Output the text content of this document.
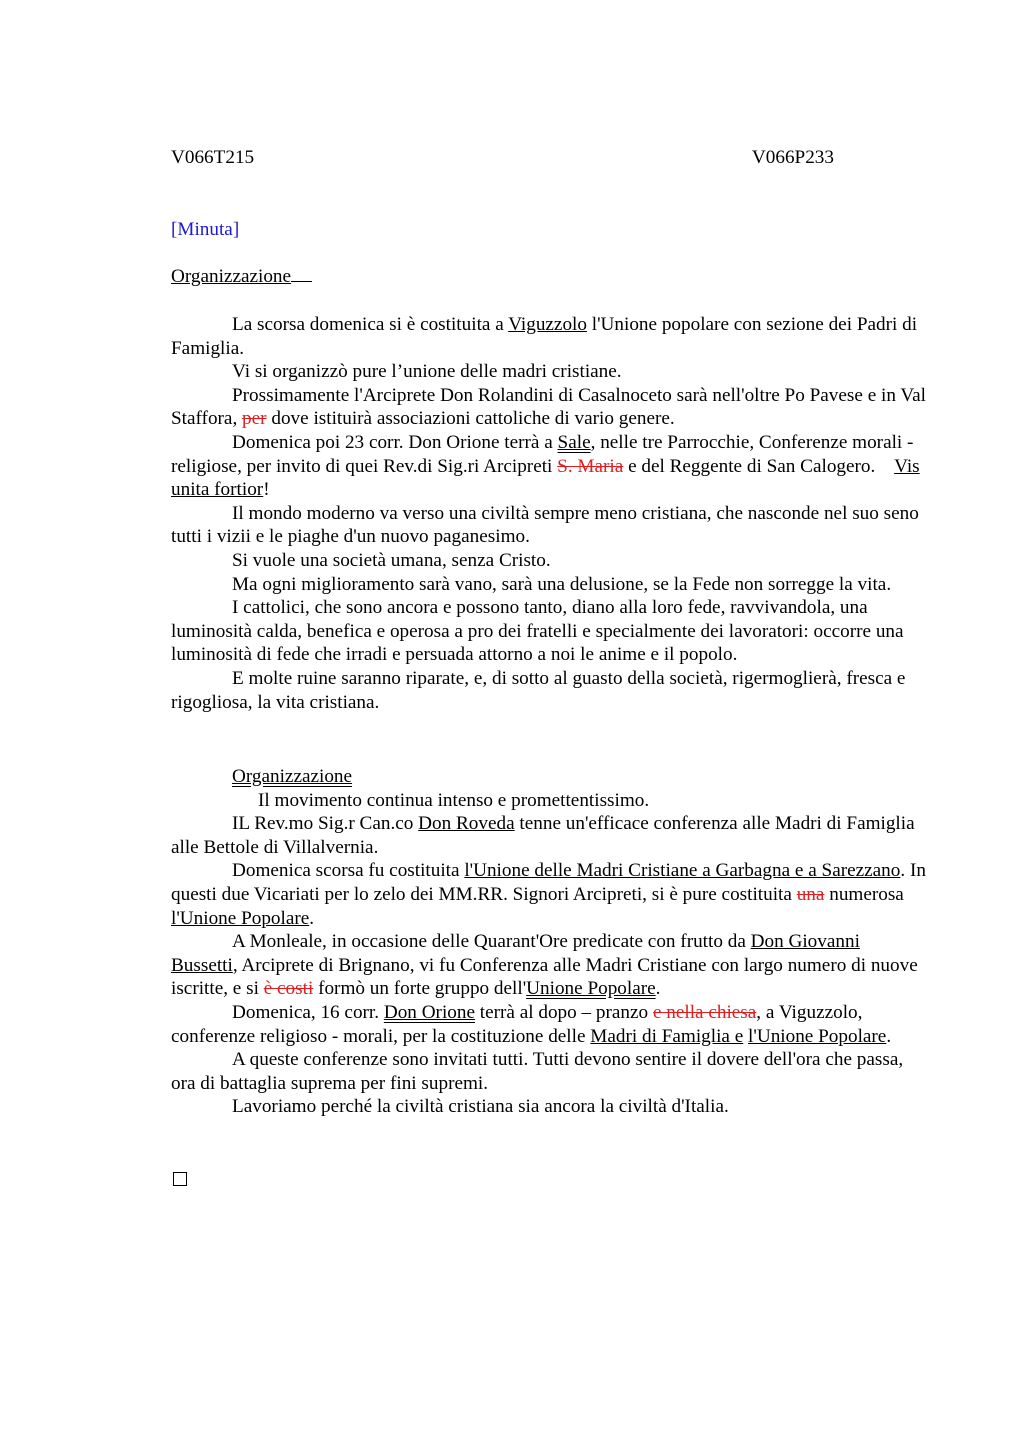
V066T215	V066P233
[Minuta]
Organizzazione

La scorsa domenica si è costituita a Viguzzolo l'Unione popolare con sezione dei Padri di Famiglia.

Vi si organizzò pure l’unione delle madri cristiane.

Prossimamente l'Arciprete Don Rolandini di Casalnoceto sarà nell'oltre Po Pavese e in Val Staffora, per dove istituirà associazioni cattoliche di vario genere.

Domenica poi 23 corr. Don Orione terrà a Sale, nelle tre Parrocchie, Conferenze morali - religiose, per invito di quei Rev.di Sig.ri Arcipreti S. Maria e del Reggente di San Calogero.    Vis unita fortior!

Il mondo moderno va verso una civiltà sempre meno cristiana, che nasconde nel suo seno tutti i vizii e le piaghe d'un nuovo paganesimo.

Si vuole una società umana, senza Cristo.

Ma ogni miglioramento sarà vano, sarà una delusione, se la Fede non sorregge la vita.

I cattolici, che sono ancora e possono tanto, diano alla loro fede, ravvivandola, una luminosità calda, benefica e operosa a pro dei fratelli e specialmente dei lavoratori: occorre una luminosità di fede che irradi e persuada attorno a noi le anime e il popolo.

E molte ruine saranno riparate, e, di sotto al guasto della società, rigermoglierà, fresca e rigogliosa, la vita cristiana.

Organizzazione

Il movimento continua intenso e promettentissimo.

IL Rev.mo Sig.r Can.co Don Roveda tenne un'efficace conferenza alle Madri di Famiglia alle Bettole di Villalvernia.

Domenica scorsa fu costituita l'Unione delle Madri Cristiane a Garbagna e a Sarezzano. In questi due Vicariati per lo zelo dei MM.RR. Signori Arcipreti, si è pure costituita una numerosa l'Unione Popolare.

A Monleale, in occasione delle Quarant'Ore predicate con frutto da Don Giovanni Bussetti, Arciprete di Brignano, vi fu Conferenza alle Madri Cristiane con largo numero di nuove iscritte, e si è costi formò un forte gruppo dell'Unione Popolare.

Domenica, 16 corr. Don Orione terrà al dopo – pranzo e nella chiesa, a Viguzzolo, conferenze religioso - morali, per la costituzione delle Madri di Famiglia e l'Unione Popolare.

A queste conferenze sono invitati tutti. Tutti devono sentire il dovere dell'ora che passa, ora di battaglia suprema per fini supremi.

Lavoriamo perché la civiltà cristiana sia ancora la civiltà d'Italia.
